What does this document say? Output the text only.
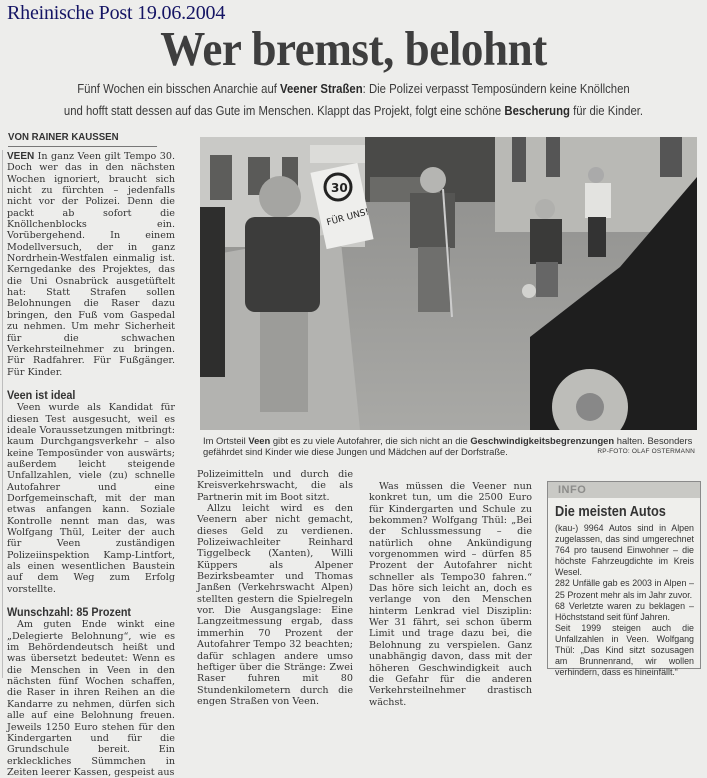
Rheinische Post 19.06.2004
Wer bremst, belohnt
Fünf Wochen ein bisschen Anarchie auf Veener Straßen: Die Polizei verpasst Temposündern keine Knöllchen
und hofft statt dessen auf das Gute im Menschen. Klappt das Projekt, folgt eine schöne Bescherung für die Kinder.
VON RAINER KAUSSEN

VEEN In ganz Veen gilt Tempo 30. Doch wer das in den nächsten Wochen ignoriert, braucht sich nicht zu fürchten – jedenfalls nicht vor der Polizei. Denn die packt ab sofort die Knöllchenblocks ein. Vorübergehend. In einem Modellversuch, der in ganz Nordrhein-Westfalen einmalig ist. Kerngedanke des Projektes, das die Uni Osnabrück ausgetüftelt hat: Statt Strafen sollen Belohnungen die Raser dazu bringen, den Fuß vom Gaspedal zu nehmen. Um mehr Sicherheit für die schwachen Verkehrsteilnehmer zu bringen. Für Radfahrer. Für Fußgänger. Für Kinder.

Veen ist ideal

Veen wurde als Kandidat für diesen Test ausgesucht, weil es ideale Voraussetzungen mitbringt: kaum Durchgangsverkehr – also keine Temposünder von auswärts; außerdem leicht steigende Unfallzahlen, viele (zu) schnelle Autofahrer und eine Dorfgemeinschaft, mit der man etwas anfangen kann. Soziale Kontrolle nennt man das, was Wolfgang Thül, Leiter der auch für Veen zuständigen Polizeiinspektion Kamp-Lintfort, als einen wesentlichen Baustein auf dem Weg zum Erfolg vorstellte.

Wunschzahl: 85 Prozent

Am guten Ende winkt eine „Delegierte Belohnung“, wie es im Behördendeutsch heißt und was übersetzt bedeutet: Wenn es die Menschen in Veen in den nächsten fünf Wochen schaffen, die Raser in ihren Reihen an die Kandarre zu nehmen, dürfen sich alle auf eine Belohnung freuen. Jeweils 1250 Euro stehen für den Kindergarten und für die Grundschule bereit. Ein erkleckliches Sümmchen in Zeiten leerer Kassen, gespeist aus

30
FÜR UNS!
Im Ortsteil Veen gibt es zu viele Autofahrer, die sich nicht an die Geschwindigkeitsbegrenzungen halten. Besonders gefährdet sind Kinder wie diese Jungen und Mädchen auf der Dorfstraße.	RP-FOTO: OLAF OSTERMANN

Polizeimitteln und durch die Kreisverkehrswacht, die als Partnerin mit im Boot sitzt.

Allzu leicht wird es den Veenern aber nicht gemacht, dieses Geld zu verdienen. Polizeiwachleiter Reinhard Tiggelbeck (Xanten), Willi Küppers als Alpener Bezirksbeamter und Thomas Janßen (Verkehrswacht Alpen) stellten gestern die Spielregeln vor. Die Ausgangslage: Eine Langzeitmessung ergab, dass immerhin 70 Prozent der Autofahrer Tempo 32 beachten; dafür schlagen andere umso heftiger über die Stränge: Zwei Raser fuhren mit 80 Stundenkilometern durch die engen Straßen von Veen.

Was müssen die Veener nun konkret tun, um die 2500 Euro für Kindergarten und Schule zu bekommen? Wolfgang Thül: „Bei der Schlussmessung – die natürlich ohne Ankündigung vorgenommen wird – dürfen 85 Prozent der Autofahrer nicht schneller als Tempo30 fahren.“ Das höre sich leicht an, doch es verlange von den Menschen hinterm Lenkrad viel Disziplin: Wer 31 fährt, sei schon überm Limit und trage dazu bei, die Belohnung zu verspielen. Ganz unabhängig davon, dass mit der höheren Geschwindigkeit auch die Gefahr für die anderen Verkehrsteilnehmer drastisch wächst.

INFO
Die meisten Autos

(kau-) 9964 Autos sind in Alpen zugelassen, das sind umgerechnet 764 pro tausend Einwohner – die höchste Fahrzeugdichte im Kreis Wesel.

282 Unfälle gab es 2003 in Alpen – 25 Prozent mehr als im Jahr zuvor.

68 Verletzte waren zu beklagen – Höchststand seit fünf Jahren.

Seit 1999 steigen auch die Unfallzahlen in Veen. Wolfgang Thül: „Das Kind sitzt sozusagen am Brunnenrand, wir wollen verhindern, dass es hineinfällt.“
